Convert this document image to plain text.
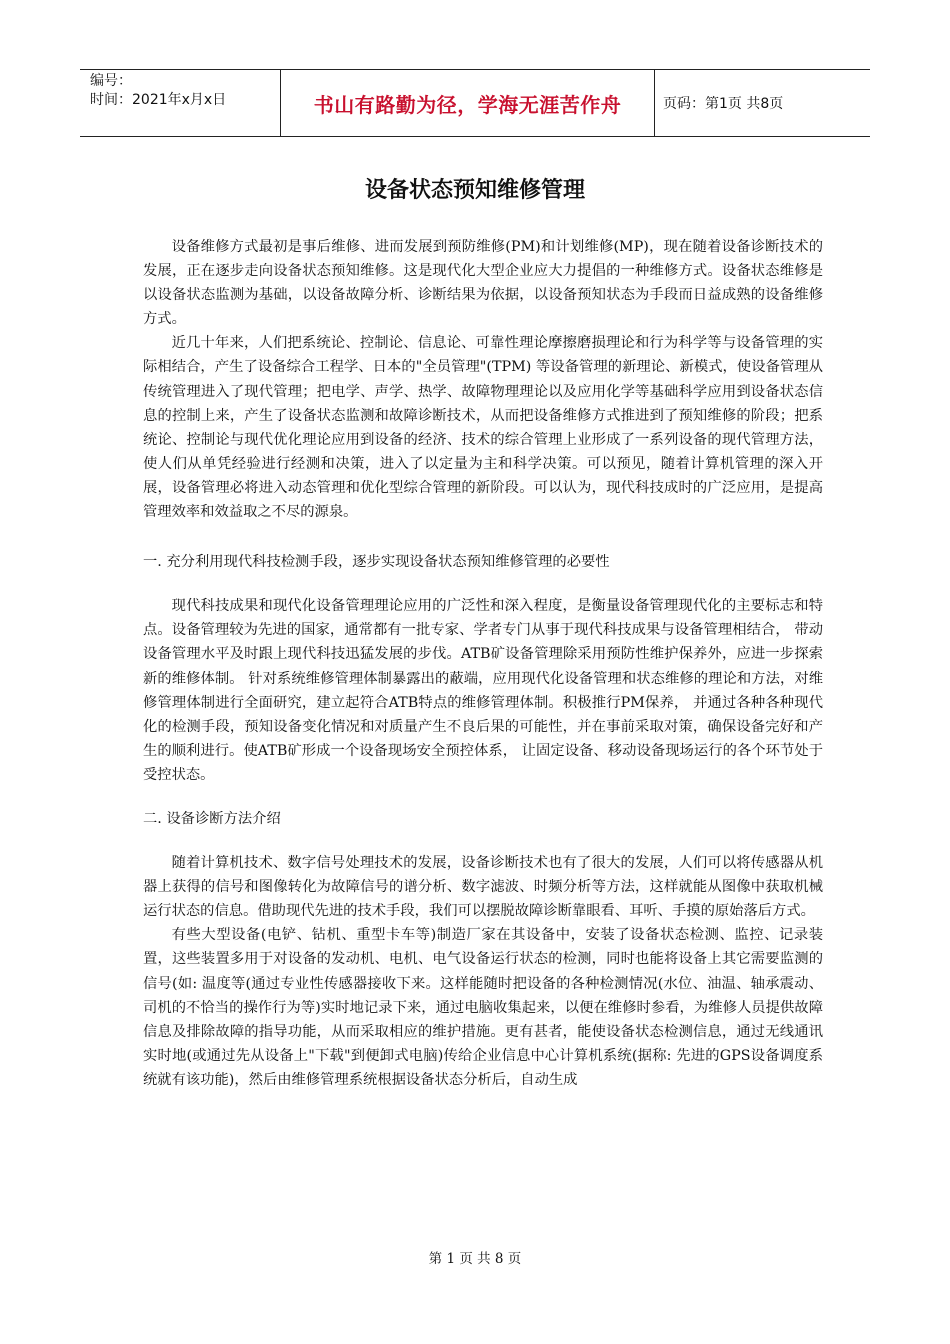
编号：
时间：2021年x月x日	书山有路勤为径，学海无涯苦作舟	页码：第1页 共8页
设备状态预知维修管理

设备维修方式最初是事后维修、进而发展到预防维修(PM)和计划维修(MP)，现在随着设备诊断技术的发展，正在逐步走向设备状态预知维修。这是现代化大型企业应大力提倡的一种维修方式。设备状态维修是以设备状态监测为基础，以设备故障分析、诊断结果为依据，以设备预知状态为手段而日益成熟的设备维修方式。

近几十年来，人们把系统论、控制论、信息论、可靠性理论摩擦磨损理论和行为科学等与设备管理的实际相结合，产生了设备综合工程学、日本的"全员管理"(TPM) 等设备管理的新理论、新模式，使设备管理从传统管理进入了现代管理；把电学、声学、热学、故障物理理论以及应用化学等基础科学应用到设备状态信息的控制上来，产生了设备状态监测和故障诊断技术，从而把设备维修方式推进到了预知维修的阶段；把系统论、控制论与现代优化理论应用到设备的经济、技术的综合管理上业形成了一系列设备的现代管理方法，使人们从单凭经验进行经测和决策，进入了以定量为主和科学决策。可以预见，随着计算机管理的深入开展，设备管理必将进入动态管理和优化型综合管理的新阶段。可以认为，现代科技成时的广泛应用，是提高管理效率和效益取之不尽的源泉。

一. 充分利用现代科技检测手段，逐步实现设备状态预知维修管理的必要性

现代科技成果和现代化设备管理理论应用的广泛性和深入程度，是衡量设备管理现代化的主要标志和特点。设备管理较为先进的国家，通常都有一批专家、学者专门从事于现代科技成果与设备管理相结合， 带动设备管理水平及时跟上现代科技迅猛发展的步伐。ATB矿设备管理除采用预防性维护保养外，应进一步探索新的维修体制。 针对系统维修管理体制暴露出的蔽端，应用现代化设备管理和状态维修的理论和方法，对维修管理体制进行全面研究，建立起符合ATB特点的维修管理体制。积极推行PM保养， 并通过各种各种现代化的检测手段，预知设备变化情况和对质量产生不良后果的可能性，并在事前采取对策，确保设备完好和产生的顺利进行。使ATB矿形成一个设备现场安全预控体系， 让固定设备、移动设备现场运行的各个环节处于受控状态。

二. 设备诊断方法介绍

随着计算机技术、数字信号处理技术的发展，设备诊断技术也有了很大的发展，人们可以将传感器从机器上获得的信号和图像转化为故障信号的谱分析、数字滤波、时频分析等方法，这样就能从图像中获取机械运行状态的信息。借助现代先进的技术手段，我们可以摆脱故障诊断靠眼看、耳听、手摸的原始落后方式。

有些大型设备(电铲、钻机、重型卡车等)制造厂家在其设备中，安装了设备状态检测、监控、记录装置，这些装置多用于对设备的发动机、电机、电气设备运行状态的检测，同时也能将设备上其它需要监测的信号(如: 温度等(通过专业性传感器接收下来。这样能随时把设备的各种检测情况(水位、油温、轴承震动、司机的不恰当的操作行为等)实时地记录下来，通过电脑收集起来，以便在维修时参看，为维修人员提供故障信息及排除故障的指导功能，从而采取相应的维护措施。更有甚者，能使设备状态检测信息，通过无线通讯实时地(或通过先从设备上"下载"到便卸式电脑)传给企业信息中心计算机系统(据称: 先进的GPS设备调度系统就有该功能)，然后由维修管理系统根据设备状态分析后，自动生成

第 1 页 共 8 页
